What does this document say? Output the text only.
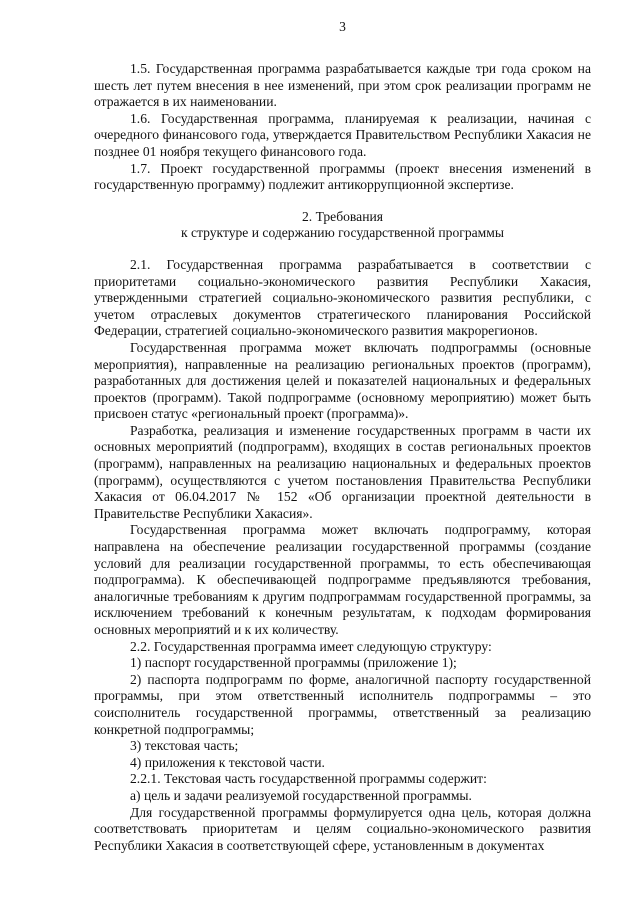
3

1.5. Государственная программа разрабатывается каждые три года сроком на шесть лет путем внесения в нее изменений, при этом срок реализации программ не отражается в их наименовании.

1.6. Государственная программа, планируемая к реализации, начиная с очередного финансового года, утверждается Правительством Республики Хакасия не позднее 01 ноября текущего финансового года.

1.7. Проект государственной программы (проект внесения изменений в государственную программу) подлежит антикоррупционной экспертизе.

2. Требования
к структуре и содержанию государственной программы

2.1. Государственная программа разрабатывается в соответствии с приоритетами социально-экономического развития Республики Хакасия, утвержденными стратегией социально-экономического развития республики, с учетом отраслевых документов стратегического планирования Российской Федерации, стратегией социально-экономического развития макрорегионов.

Государственная программа может включать подпрограммы (основные мероприятия), направленные на реализацию региональных проектов (программ), разработанных для достижения целей и показателей национальных и федеральных проектов (программ). Такой подпрограмме (основному мероприятию) может быть присвоен статус «региональный проект (программа)».

Разработка, реализация и изменение государственных программ в части их основных мероприятий (подпрограмм), входящих в состав региональных проектов (программ), направленных на реализацию национальных и федеральных проектов (программ), осуществляются с учетом постановления Правительства Республики Хакасия от 06.04.2017 № 152 «Об организации проектной деятельности в Правительстве Республики Хакасия».

Государственная программа может включать подпрограмму, которая направлена на обеспечение реализации государственной программы (создание условий для реализации государственной программы, то есть обеспечивающая подпрограмма). К обеспечивающей подпрограмме предъявляются требования, аналогичные требованиям к другим подпрограммам государственной программы, за исключением требований к конечным результатам, к подходам формирования основных мероприятий и к их количеству.

2.2. Государственная программа имеет следующую структуру:

1) паспорт государственной программы (приложение 1);

2) паспорта подпрограмм по форме, аналогичной паспорту государственной программы, при этом ответственный исполнитель подпрограммы – это соисполнитель государственной программы, ответственный за реализацию конкретной подпрограммы;

3) текстовая часть;

4) приложения к текстовой части.

2.2.1. Текстовая часть государственной программы содержит:

а) цель и задачи реализуемой государственной программы.

Для государственной программы формулируется одна цель, которая должна соответствовать приоритетам и целям социально-экономического развития Республики Хакасия в соответствующей сфере, установленным в документах
